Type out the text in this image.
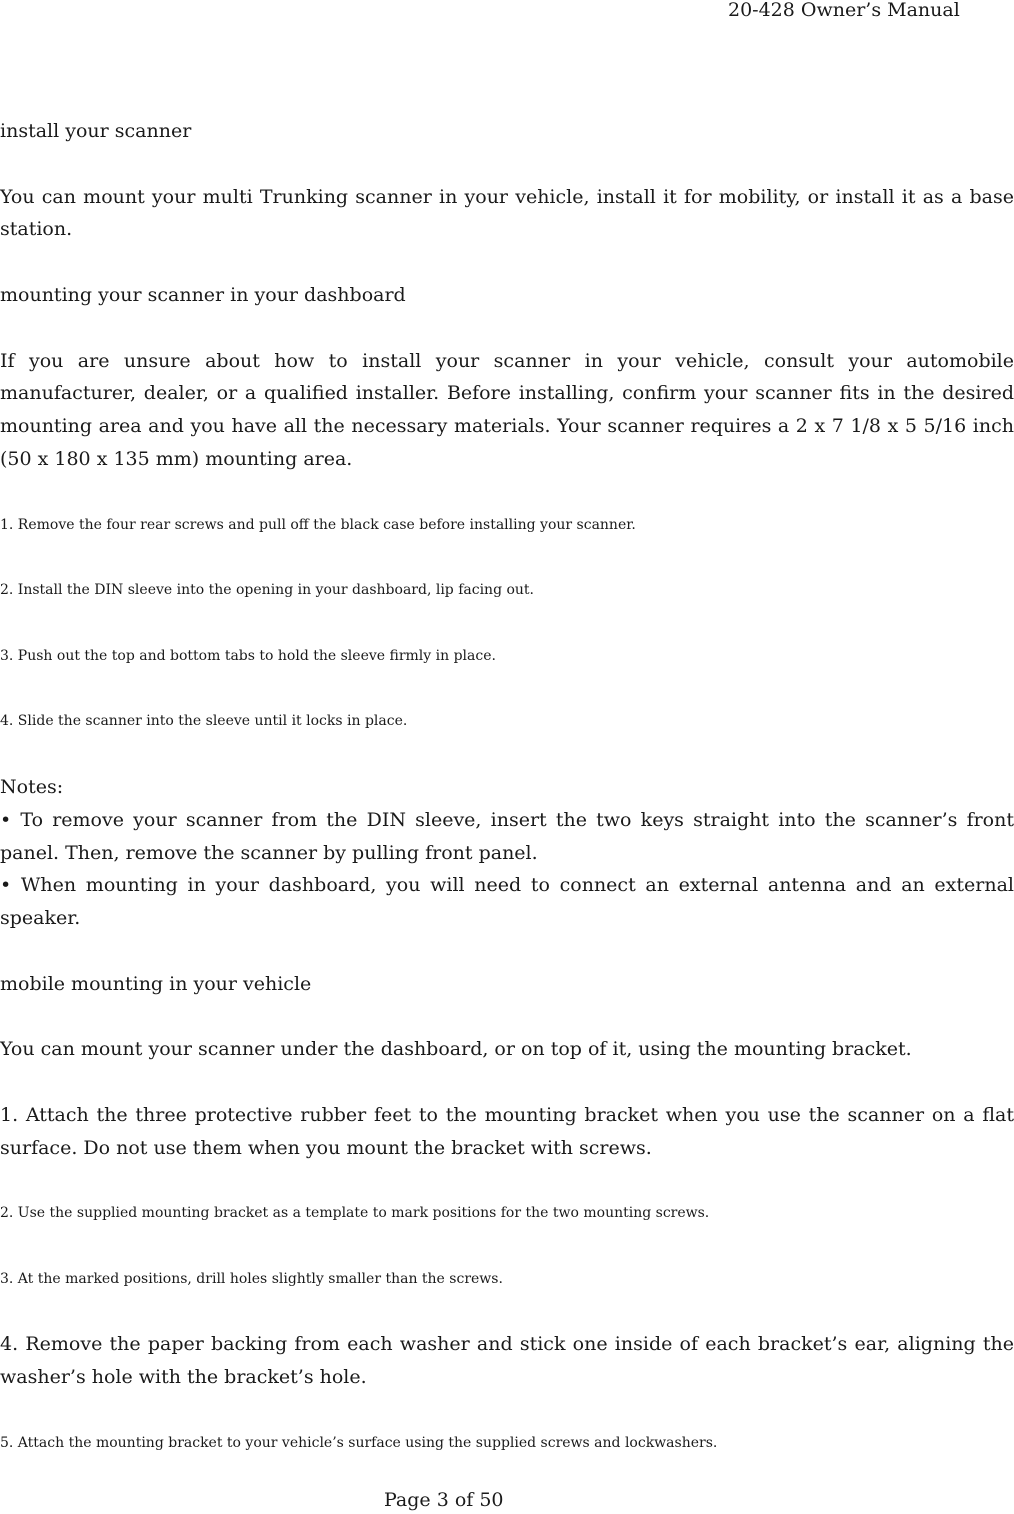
20-428 Owner’s Manual

install your scanner

You can mount your multi Trunking scanner in your vehicle, install it for mobility, or install it as a base station.

mounting your scanner in your dashboard

If you are unsure about how to install your scanner in your vehicle, consult your automobile manufacturer, dealer, or a qualified installer. Before installing, confirm your scanner fits in the desired mounting area and you have all the necessary materials. Your scanner requires a 2 x 7 1/8 x 5 5/16 inch (50 x 180 x 135 mm) mounting area.

1. Remove the four rear screws and pull off the black case before installing your scanner.

2. Install the DIN sleeve into the opening in your dashboard, lip facing out.

3. Push out the top and bottom tabs to hold the sleeve firmly in place.

4. Slide the scanner into the sleeve until it locks in place.

Notes:

• To remove your scanner from the DIN sleeve, insert the two keys straight into the scanner’s front panel. Then, remove the scanner by pulling front panel.

• When mounting in your dashboard, you will need to connect an external antenna and an external speaker.

mobile mounting in your vehicle

You can mount your scanner under the dashboard, or on top of it, using the mounting bracket.

1. Attach the three protective rubber feet to the mounting bracket when you use the scanner on a flat surface. Do not use them when you mount the bracket with screws.

2. Use the supplied mounting bracket as a template to mark positions for the two mounting screws.

3. At the marked positions, drill holes slightly smaller than the screws.

4. Remove the paper backing from each washer and stick one inside of each bracket’s ear, aligning the washer’s hole with the bracket’s hole.

5. Attach the mounting bracket to your vehicle’s surface using the supplied screws and lockwashers.

Page 3 of 50
